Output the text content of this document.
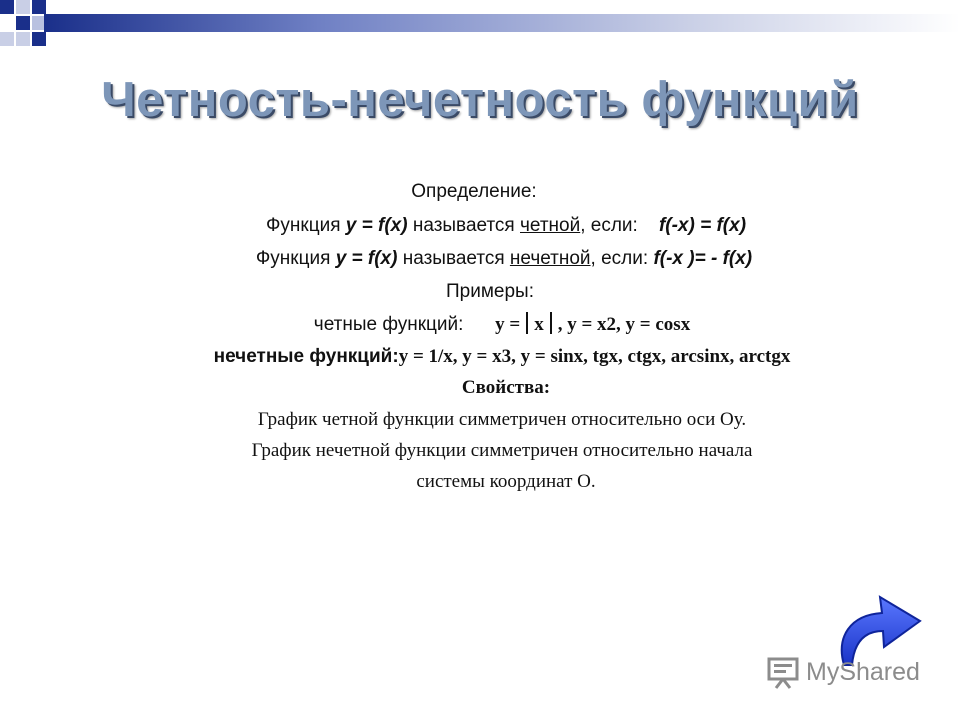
Четность-нечетность функций
Определение:
Функция y = f(x) называется четной, если: f(-x) = f(x)
Функция y = f(x) называется нечетной, если: f(-x )= - f(x)
Примеры:
четные функций: y = x , y = x2, y = cosx
нечетные функций:y = 1/x, y = x3, y = sinx, tgx, ctgx, arcsinx, arctgx
Свойства:
График четной функции симметричен относительно оси Оу.
График нечетной функции симметричен относительно начала
системы координат О.
MyShared
